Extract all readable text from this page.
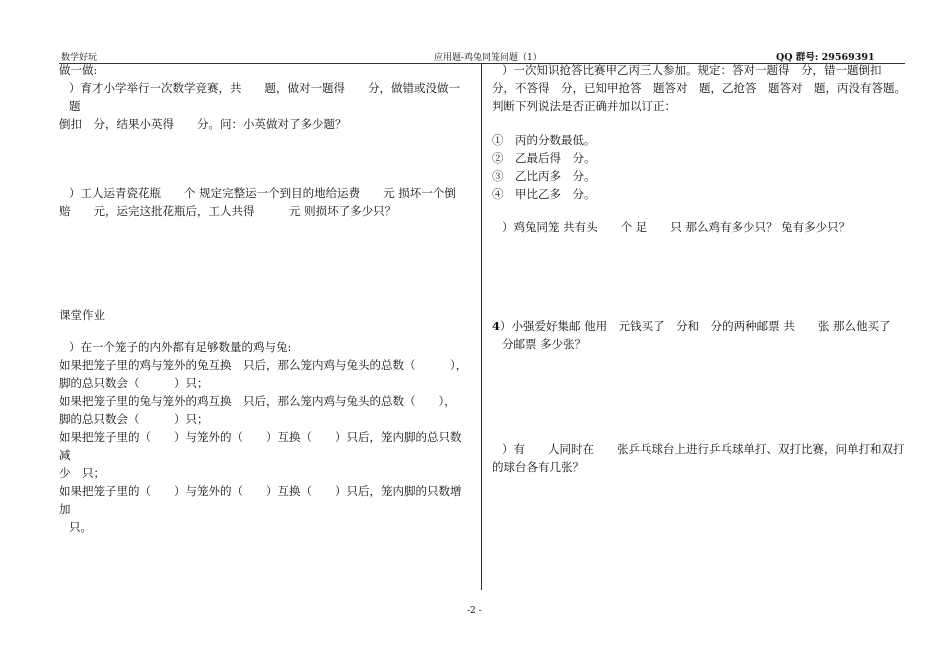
数学好玩	应用题-鸡兔同笼问题（1）	QQ 群号: 29569391

做一做:

）育才小学举行一次数学竞赛，共　　题，做对一题得　　分，做错或没做一题

倒扣　分，结果小英得　　分。问：小英做对了多少题？

）工人运青瓷花瓶　　个 规定完整运一个到目的地给运费　　元 损坏一个倒

赔　　元，运完这批花瓶后，工人共得　　　元 则损坏了多少只？

课堂作业

）在一个笼子的内外都有足够数量的鸡与兔:

如果把笼子里的鸡与笼外的兔互换　只后，那么笼内鸡与兔头的总数（　　　），

脚的总只数会（　　　）只；

如果把笼子里的兔与笼外的鸡互换　只后，那么笼内鸡与兔头的总数（　　），

脚的总只数会（　　　）只；

如果把笼子里的（　　）与笼外的（　　）互换（　　）只后，笼内脚的总只数减

少　只；

如果把笼子里的（　　）与笼外的（　　）互换（　　）只后，笼内脚的只数增加

只。

）一次知识抢答比赛甲乙丙三人参加。规定：答对一题得　分，错一题倒扣

分，不答得　分，已知甲抢答　题答对　题，乙抢答　题答对　题，丙没有答题。

判断下列说法是否正确并加以订正：

①　丙的分数最低。

②　乙最后得　分。

③　乙比丙多　分。

④　甲比乙多　分。

）鸡兔同笼 共有头　　个 足　　只 那么鸡有多少只？ 兔有多少只？

4）小强爱好集邮 他用　元钱买了　分和　分的两种邮票 共　　张 那么他买了

分邮票 多少张？

）有　　人同时在　　张乒乓球台上进行乒乓球单打、双打比赛，问单打和双打

的球台各有几张？

-2 -
